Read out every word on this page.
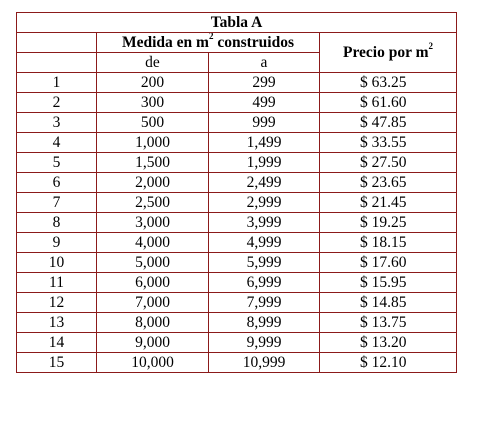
Tabla A			
	Medida en $m^2$ construidos		Precio por $m^2$
	de	a	
1	200	299	$ 63.25
2	300	499	$ 61.60
3	500	999	$ 47.85
4	1,000	1,499	$ 33.55
5	1,500	1,999	$ 27.50
6	2,000	2,499	$ 23.65
7	2,500	2,999	$ 21.45
8	3,000	3,999	$ 19.25
9	4,000	4,999	$ 18.15
10	5,000	5,999	$ 17.60
11	6,000	6,999	$ 15.95
12	7,000	7,999	$ 14.85
13	8,000	8,999	$ 13.75
14	9,000	9,999	$ 13.20
15	10,000	10,999	$ 12.10
